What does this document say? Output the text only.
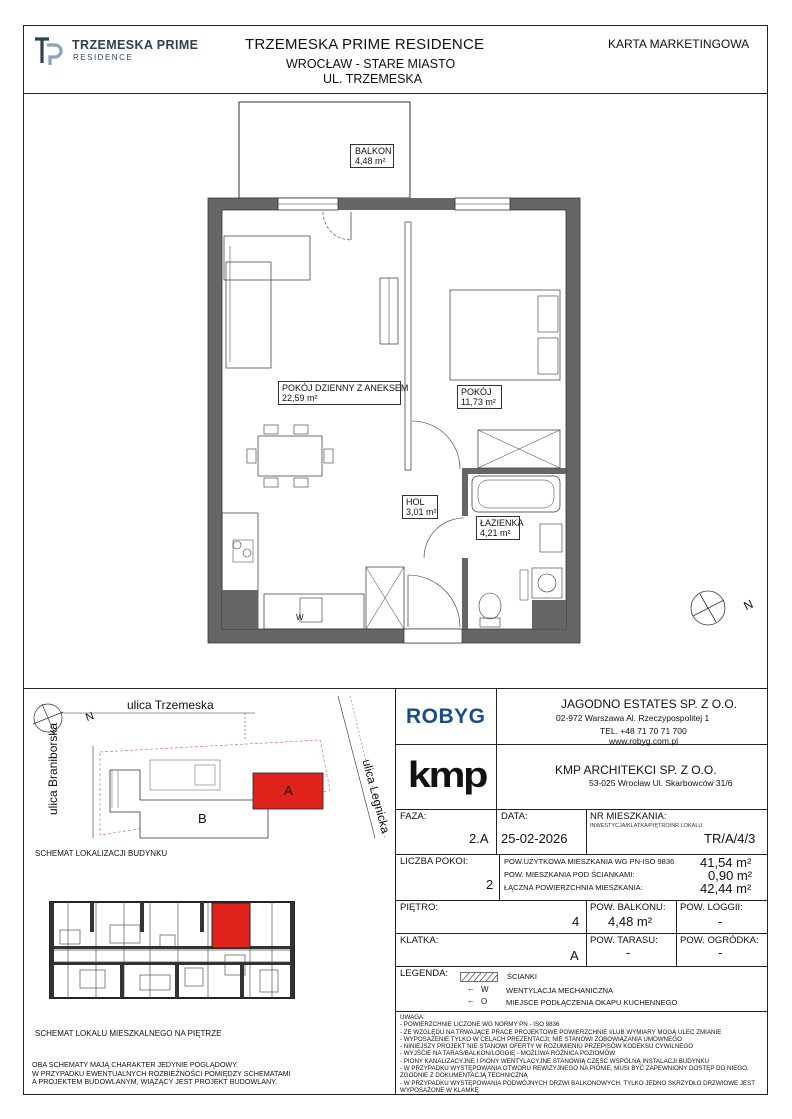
TRZEMESKA PRIME
RESIDENCE
TRZEMESKA PRIME RESIDENCE
WROCŁAW - STARE MIASTO
UL. TRZEMESKA
KARTA MARKETINGOWA
W
BALKON
4,48 m²
POKÓJ DZIENNY Z ANEKSEM
22,59 m²
POKÓJ
11,73 m²
HOL
3,01 m²
ŁAZIENKA
4,21 m²
N
ulica Trzemeska
ulica Braniborska	ulica Legnicka
N
A
B
SCHEMAT LOKALIZACJI BUDYNKU
SCHEMAT LOKALU MIESZKALNEGO NA PIĘTRZE
OBA SCHEMATY MAJĄ CHARAKTER JEDYNIE POGLĄDOWY.
W PRZYPADKU EWENTUALNYCH ROZBIEŻNOŚCI POMIĘDZY SCHEMATAMI
A PROJEKTEM BUDOWLANYM, WIĄŻĄCY JEST PROJEKT BUDOWLANY.
ROBYG
JAGODNO ESTATES SP. Z O.O.
02-972 Warszawa Al. Rzeczypospolitej 1
TEL. +48 71 70 71 700
www.robyg.com.pl
kmp	KMP ARCHITEKCI SP. Z O.O.
53-025 Wrocław Ul. Skarbowców 31/6
FAZA:
2.A
DATA:
25-02-2026
NR MIESZKANIA:
INWESTYCJA/KLATKA/PIĘTRO/NR LOKALU
TR/A/4/3
LICZBA POKOI:
2
POW.UŻYTKOWA MIESZKANIA WG PN-ISO 9836 41,54 m²
POW. MIESZKANIA POD ŚCIANKAMI:	0,90 m²
ŁĄCZNA POWIERZCHNIA MIESZKANIA:	42,44 m²
PIĘTRO:
4
POW. BALKONU:
4,48 m²
POW. LOGGII:
-
KLATKA:
A
POW. TARASU:
-
POW. OGRÓDKA:
-
LEGENDA:	ŚCIANKI
← W WENTYLACJA MECHANICZNA
← O	MIEJSCE PODŁĄCZENIA OKAPU KUCHENNEGO
UWAGA:
- POWIERZCHNIE LICZONE WG NORMY PN - ISO 9836
- ZE WZGLĘDU NA TRWAJĄCE PRACE PROJEKTOWE POWIERZCHNIE I/LUB WYMIARY MOGĄ ULEC ZMIANIE
- WYPOSAŻENIE TYLKO W CELACH PREZENTACJI; NIE STANOWI ZOBOWIĄZANIA UMOWNEGO
- NINIEJSZY PROJEKT NIE STANOWI OFERTY W ROZUMIENIU PRZEPISÓW KODEKSU CYWILNEGO
- WYJŚCIE NA TARAS/BALKON/LOGGIĘ - MOŻLIWA RÓŻNICA POZIOMÓW
- PIONY KANALIZACYJNE I PIONY WENTYLACYJNE STANOWIĄ CZĘŚĆ WSPÓLNĄ INSTALACJI BUDYNKU
- W PRZYPADKU WYSTĘPOWANIA OTWORU REWIZYJNEGO NA PIONIE, MUSI BYĆ ZAPEWNIONY DOSTĘP DO NIEGO.
ZGODNIE Z DOKUMENTACJĄ TECHNICZNĄ
- W PRZYPADKU WYSTĘPOWANIA PODWÓJNYCH DRZWI BALKONOWYCH, TYLKO JEDNO SKRZYDŁO DRZWIOWE JEST
WYPOSAŻONE W KLAMKĘ
